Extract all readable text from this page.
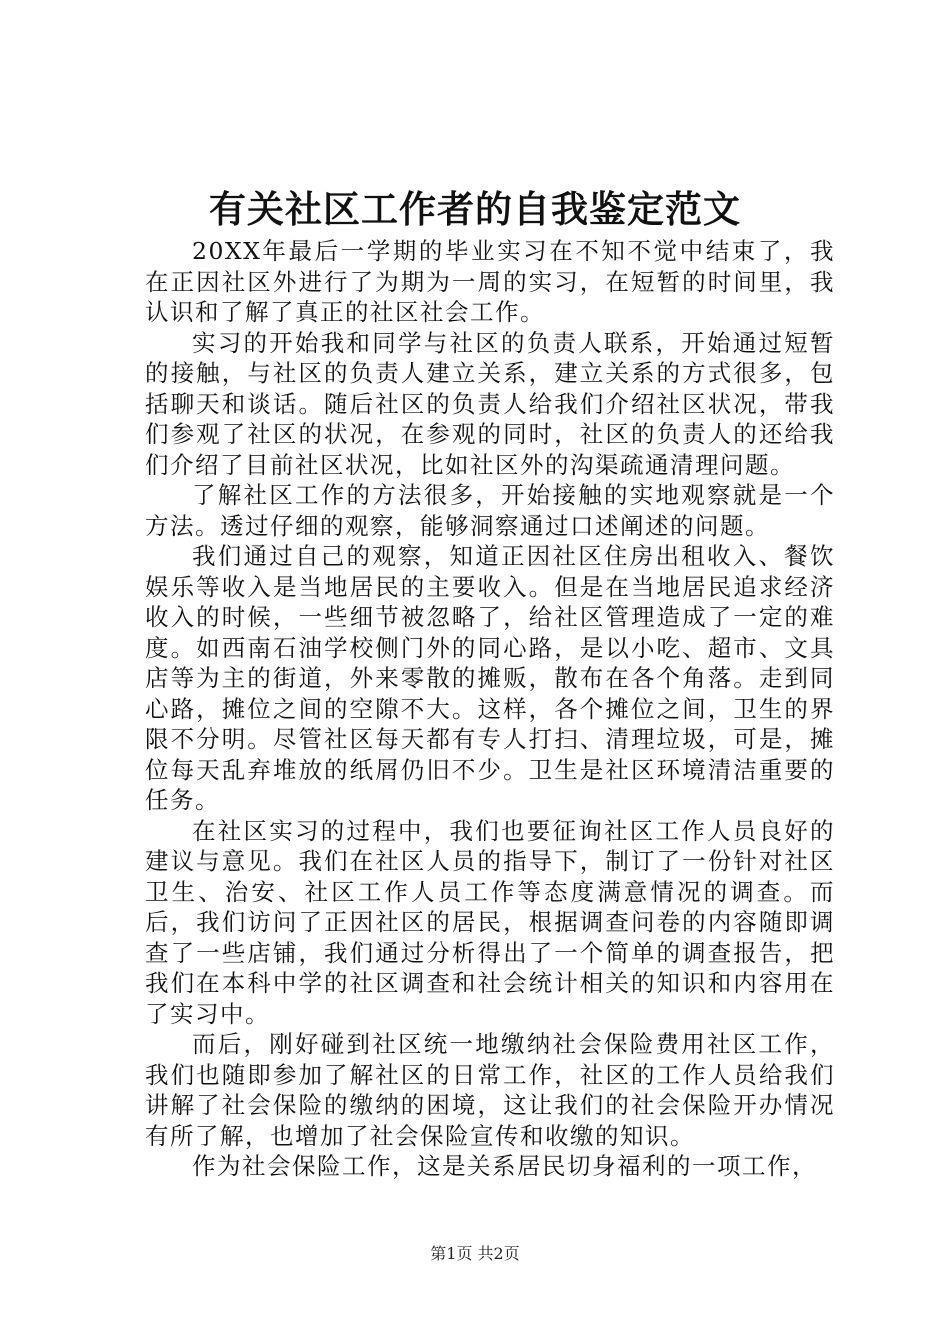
有关社区工作者的自我鉴定范文

20XX年最后一学期的毕业实习在不知不觉中结束了，我在正因社区外进行了为期为一周的实习，在短暂的时间里，我认识和了解了真正的社区社会工作。

实习的开始我和同学与社区的负责人联系，开始通过短暂的接触，与社区的负责人建立关系，建立关系的方式很多，包括聊天和谈话。随后社区的负责人给我们介绍社区状况，带我们参观了社区的状况，在参观的同时，社区的负责人的还给我们介绍了目前社区状况，比如社区外的沟渠疏通清理问题。

了解社区工作的方法很多，开始接触的实地观察就是一个方法。透过仔细的观察，能够洞察通过口述阐述的问题。

我们通过自己的观察，知道正因社区住房出租收入、餐饮娱乐等收入是当地居民的主要收入。但是在当地居民追求经济收入的时候，一些细节被忽略了，给社区管理造成了一定的难度。如西南石油学校侧门外的同心路，是以小吃、超市、文具店等为主的街道，外来零散的摊贩，散布在各个角落。走到同心路，摊位之间的空隙不大。这样，各个摊位之间，卫生的界限不分明。尽管社区每天都有专人打扫、清理垃圾，可是，摊位每天乱弃堆放的纸屑仍旧不少。卫生是社区环境清洁重要的任务。

在社区实习的过程中，我们也要征询社区工作人员良好的建议与意见。我们在社区人员的指导下，制订了一份针对社区卫生、治安、社区工作人员工作等态度满意情况的调查。而后，我们访问了正因社区的居民，根据调查问卷的内容随即调查了一些店铺，我们通过分析得出了一个简单的调查报告，把我们在本科中学的社区调查和社会统计相关的知识和内容用在了实习中。

而后，刚好碰到社区统一地缴纳社会保险费用社区工作，我们也随即参加了解社区的日常工作，社区的工作人员给我们讲解了社会保险的缴纳的困境，这让我们的社会保险开办情况有所了解，也增加了社会保险宣传和收缴的知识。

作为社会保险工作，这是关系居民切身福利的一项工作，

第1页 共2页
